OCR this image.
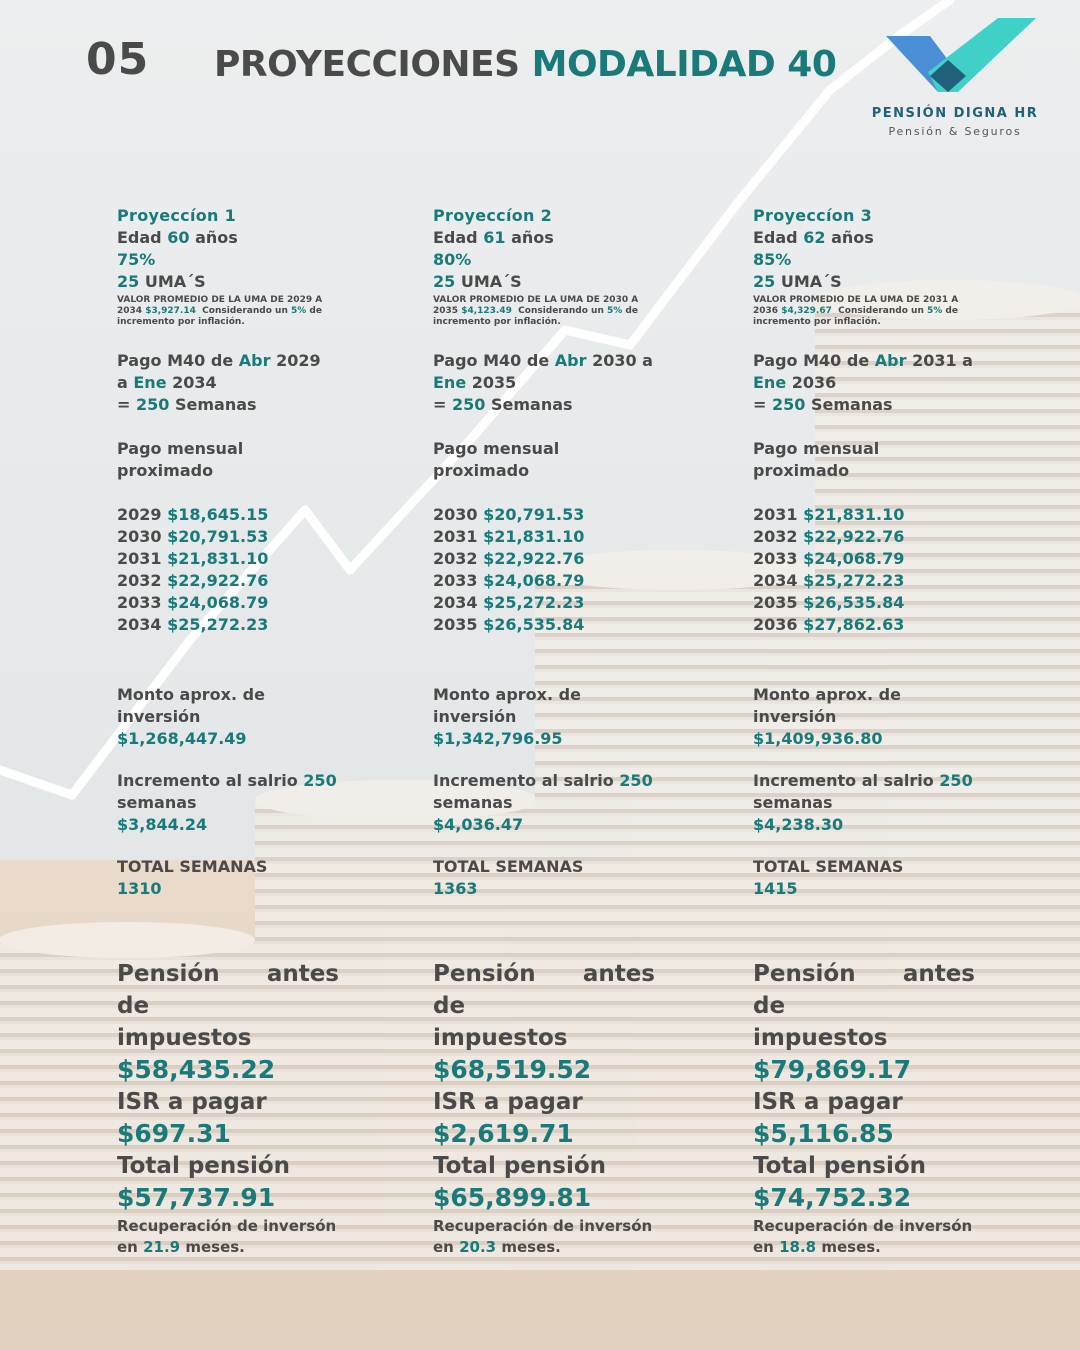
05 PROYECCIONES MODALIDAD 40
PENSIÓN DIGNA HR
Pensión & Seguros
Proyeccíon 1
Edad 60 años
75%
25 UMA´S
VALOR PROMEDIO DE LA UMA DE 2029 A 2034 $3,927.14 Considerando un 5% de incremento por inflación.
Pago M40 de Abr 2029
a Ene 2034
= 250 Semanas
Pago mensual
proximado
2029 $18,645.15
2030 $20,791.53
2031 $21,831.10
2032 $22,922.76
2033 $24,068.79
2034 $25,272.23
Monto aprox. de
inversión
$1,268,447.49
Incremento al salrio 250
semanas
$3,844.24
TOTAL SEMANAS
1310
Pensión antes de
impuestos
$58,435.22
ISR a pagar
$697.31
Total pensión
$57,737.91
Recuperación de inversón
en 21.9 meses.
Proyeccíon 2
Edad 61 años
80%
25 UMA´S
VALOR PROMEDIO DE LA UMA DE 2030 A 2035 $4,123.49 Considerando un 5% de incremento por inflación.
Pago M40 de Abr 2030 a
Ene 2035
= 250 Semanas
Pago mensual
proximado
2030 $20,791.53
2031 $21,831.10
2032 $22,922.76
2033 $24,068.79
2034 $25,272.23
2035 $26,535.84
Monto aprox. de
inversión
$1,342,796.95
Incremento al salrio 250
semanas
$4,036.47
TOTAL SEMANAS
1363
Pensión antes de
impuestos
$68,519.52
ISR a pagar
$2,619.71
Total pensión
$65,899.81
Recuperación de inversón
en 20.3 meses.
Proyeccíon 3
Edad 62 años
85%
25 UMA´S
VALOR PROMEDIO DE LA UMA DE 2031 A 2036 $4,329.67 Considerando un 5% de incremento por inflación.
Pago M40 de Abr 2031 a
Ene 2036
= 250 Semanas
Pago mensual
proximado
2031 $21,831.10
2032 $22,922.76
2033 $24,068.79
2034 $25,272.23
2035 $26,535.84
2036 $27,862.63
Monto aprox. de
inversión
$1,409,936.80
Incremento al salrio 250
semanas
$4,238.30
TOTAL SEMANAS
1415
Pensión antes de
impuestos
$79,869.17
ISR a pagar
$5,116.85
Total pensión
$74,752.32
Recuperación de inversón
en 18.8 meses.
